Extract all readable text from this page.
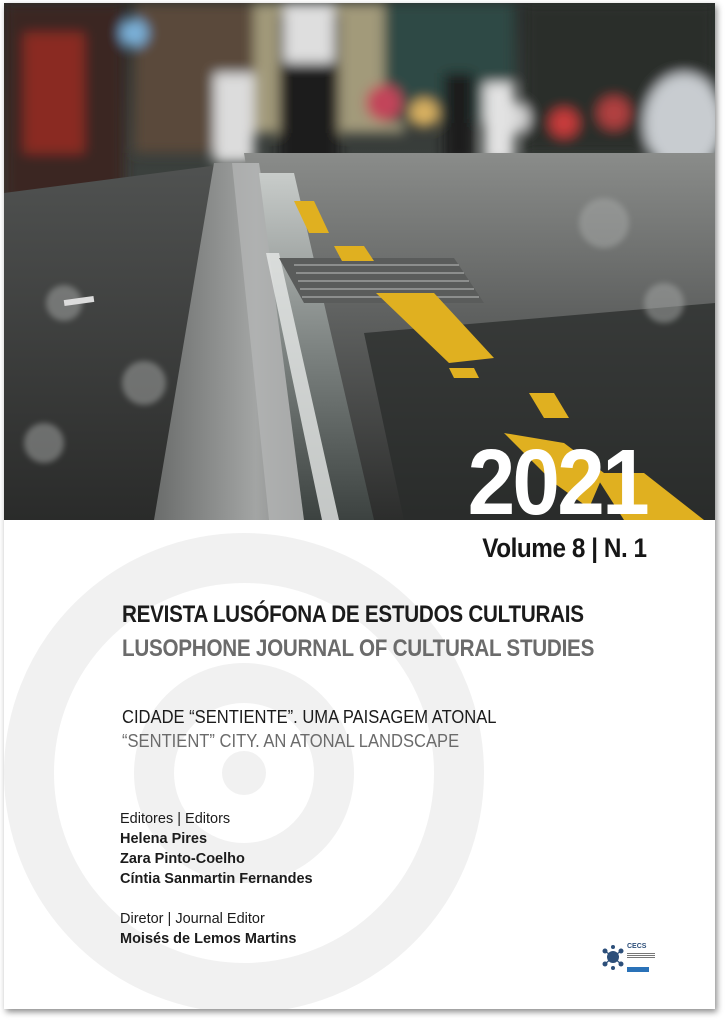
2021
Volume 8 | N. 1
REVISTA LUSÓFONA DE ESTUDOS CULTURAIS
LUSOPHONE JOURNAL OF CULTURAL STUDIES
CIDADE “SENTIENTE”. UMA PAISAGEM ATONAL
“SENTIENT” CITY. AN ATONAL LANDSCAPE
Editores | Editors
Helena Pires
Zara Pinto-Coelho
Cíntia Sanmartin Fernandes
Diretor | Journal Editor
Moisés de Lemos Martins	CECS
